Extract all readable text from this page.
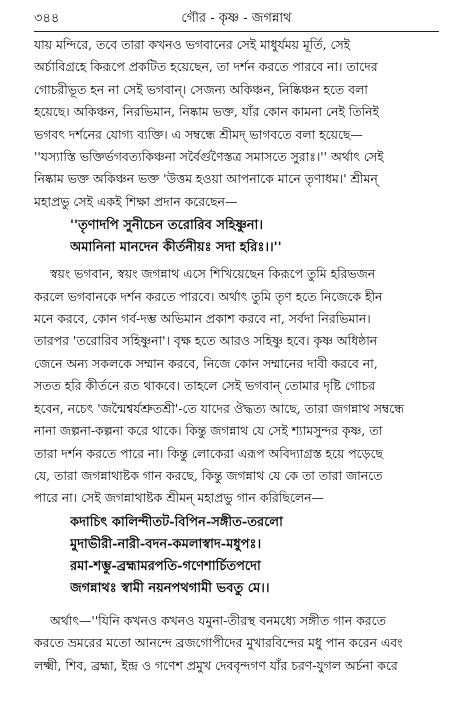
৩৪৪	গৌর - কৃষ্ণ - জগন্নাথ
যায় মন্দিরে, তবে তারা কখনও ভগবানের সেই মাধুর্যময় মূর্তি, সেই
অর্চাবিগ্রহে কিরূপে প্রকটিত হয়েছেন, তা দর্শন করতে পারবে না। তাদের
গোচরীভূত হন না সেই ভগবান্‌। সেজন্য অকিঞ্চন, নিষ্কিঞ্চন হতে বলা
হয়েছে। অকিঞ্চন, নিরভিমান, নিষ্কাম ভক্ত, যাঁর কোন কামনা নেই তিনিই
ভগবৎ দর্শনের যোগ্য ব্যক্তি। এ সম্বন্ধে শ্রীমদ্ ভাগবতে বলা হয়েছে—
''যস্যাস্তি ভক্তির্ভগবত্যকিঞ্চনা সর্বৈর্গুণৈস্তত্র সমাসতে সুরাঃ।'' অর্থাৎ সেই
নিষ্কাম ভক্ত অকিঞ্চন ভক্ত 'উত্তম হওয়া আপনাকে মানে তৃণাধম।' শ্রীমন্
মহাপ্রভু সেই একই শিক্ষা প্রদান করেছেন—
''তৃণাদপি সুনীচেন তরোরিব সহিষ্ণুনা।
অমানিনা মানদেন কীর্তনীয়ঃ সদা হরিঃ।।''
স্বয়ং ভগবান, স্বয়ং জগন্নাথ এসে শিখিয়েছেন কিরূপে তুমি হরিভজন
করলে ভগবানকে দর্শন করতে পারবে। অর্থাৎ তুমি তৃণ হতে নিজেকে হীন
মনে করবে, কোন গর্ব-দম্ভ অভিমান প্রকাশ করবে না, সর্বদা নিরভিমান।
তারপর 'তরোরিব সহিষ্ণুনা'। বৃক্ষ হতে আরও সহিষ্ণু হবে। কৃষ্ণ অধিষ্ঠান
জেনে অন্য সকলকে সম্মান করবে, নিজে কোন সম্মানের দাবী করবে না,
সতত হরি কীর্তনে রত থাকবে। তাহলে সেই ভগবান্‌ তোমার দৃষ্টি গোচর
হবেন, নচেৎ 'জন্মৈশ্বর্যশ্রুতশ্রী'-তে যাদের ঔদ্ধত্য আছে, তারা জগন্নাথ সম্বন্ধে
নানা জল্পনা-কল্পনা করে থাকে। কিন্তু জগন্নাথ যে সেই শ্যামসুন্দর কৃষ্ণ, তা
তারা দর্শন করতে পারে না। কিন্তু লোকেরা এরূপ অবিদ্যাগ্রস্ত হয়ে পড়েছে
যে, তারা জগন্নাথাষ্টক গান করছে, কিন্তু জগন্নাথ যে কে তা তারা জানতে
পারে না। সেই জগন্নাথাষ্টক শ্রীমন্ মহাপ্রভু গান করিছিলেন—
কদাচিৎ কালিন্দীতট-বিপিন-সঙ্গীত-তরলো
মুদাভীরী-নারী-বদন-কমলাস্বাদ-মধুপঃ।
রমা-শম্ভু-ব্রহ্মামরপতি-গণেশার্চিতপদো
জগন্নাথঃ স্বামী নয়নপথগামী ভবতু মে।।
অর্থাৎ—''যিনি কখনও কখনও যমুনা-তীরস্থ বনমধ্যে সঙ্গীত গান করতে
করতে ভ্রমরের মতো আনন্দে ব্রজগোপীদের মুখারবিন্দের মধু পান করেন এবং
লক্ষ্মী, শিব, ব্রহ্মা, ইন্দ্র ও গণেশ প্রমুখ দেববৃন্দগণ যাঁর চরণ-যুগল অর্চনা করে
